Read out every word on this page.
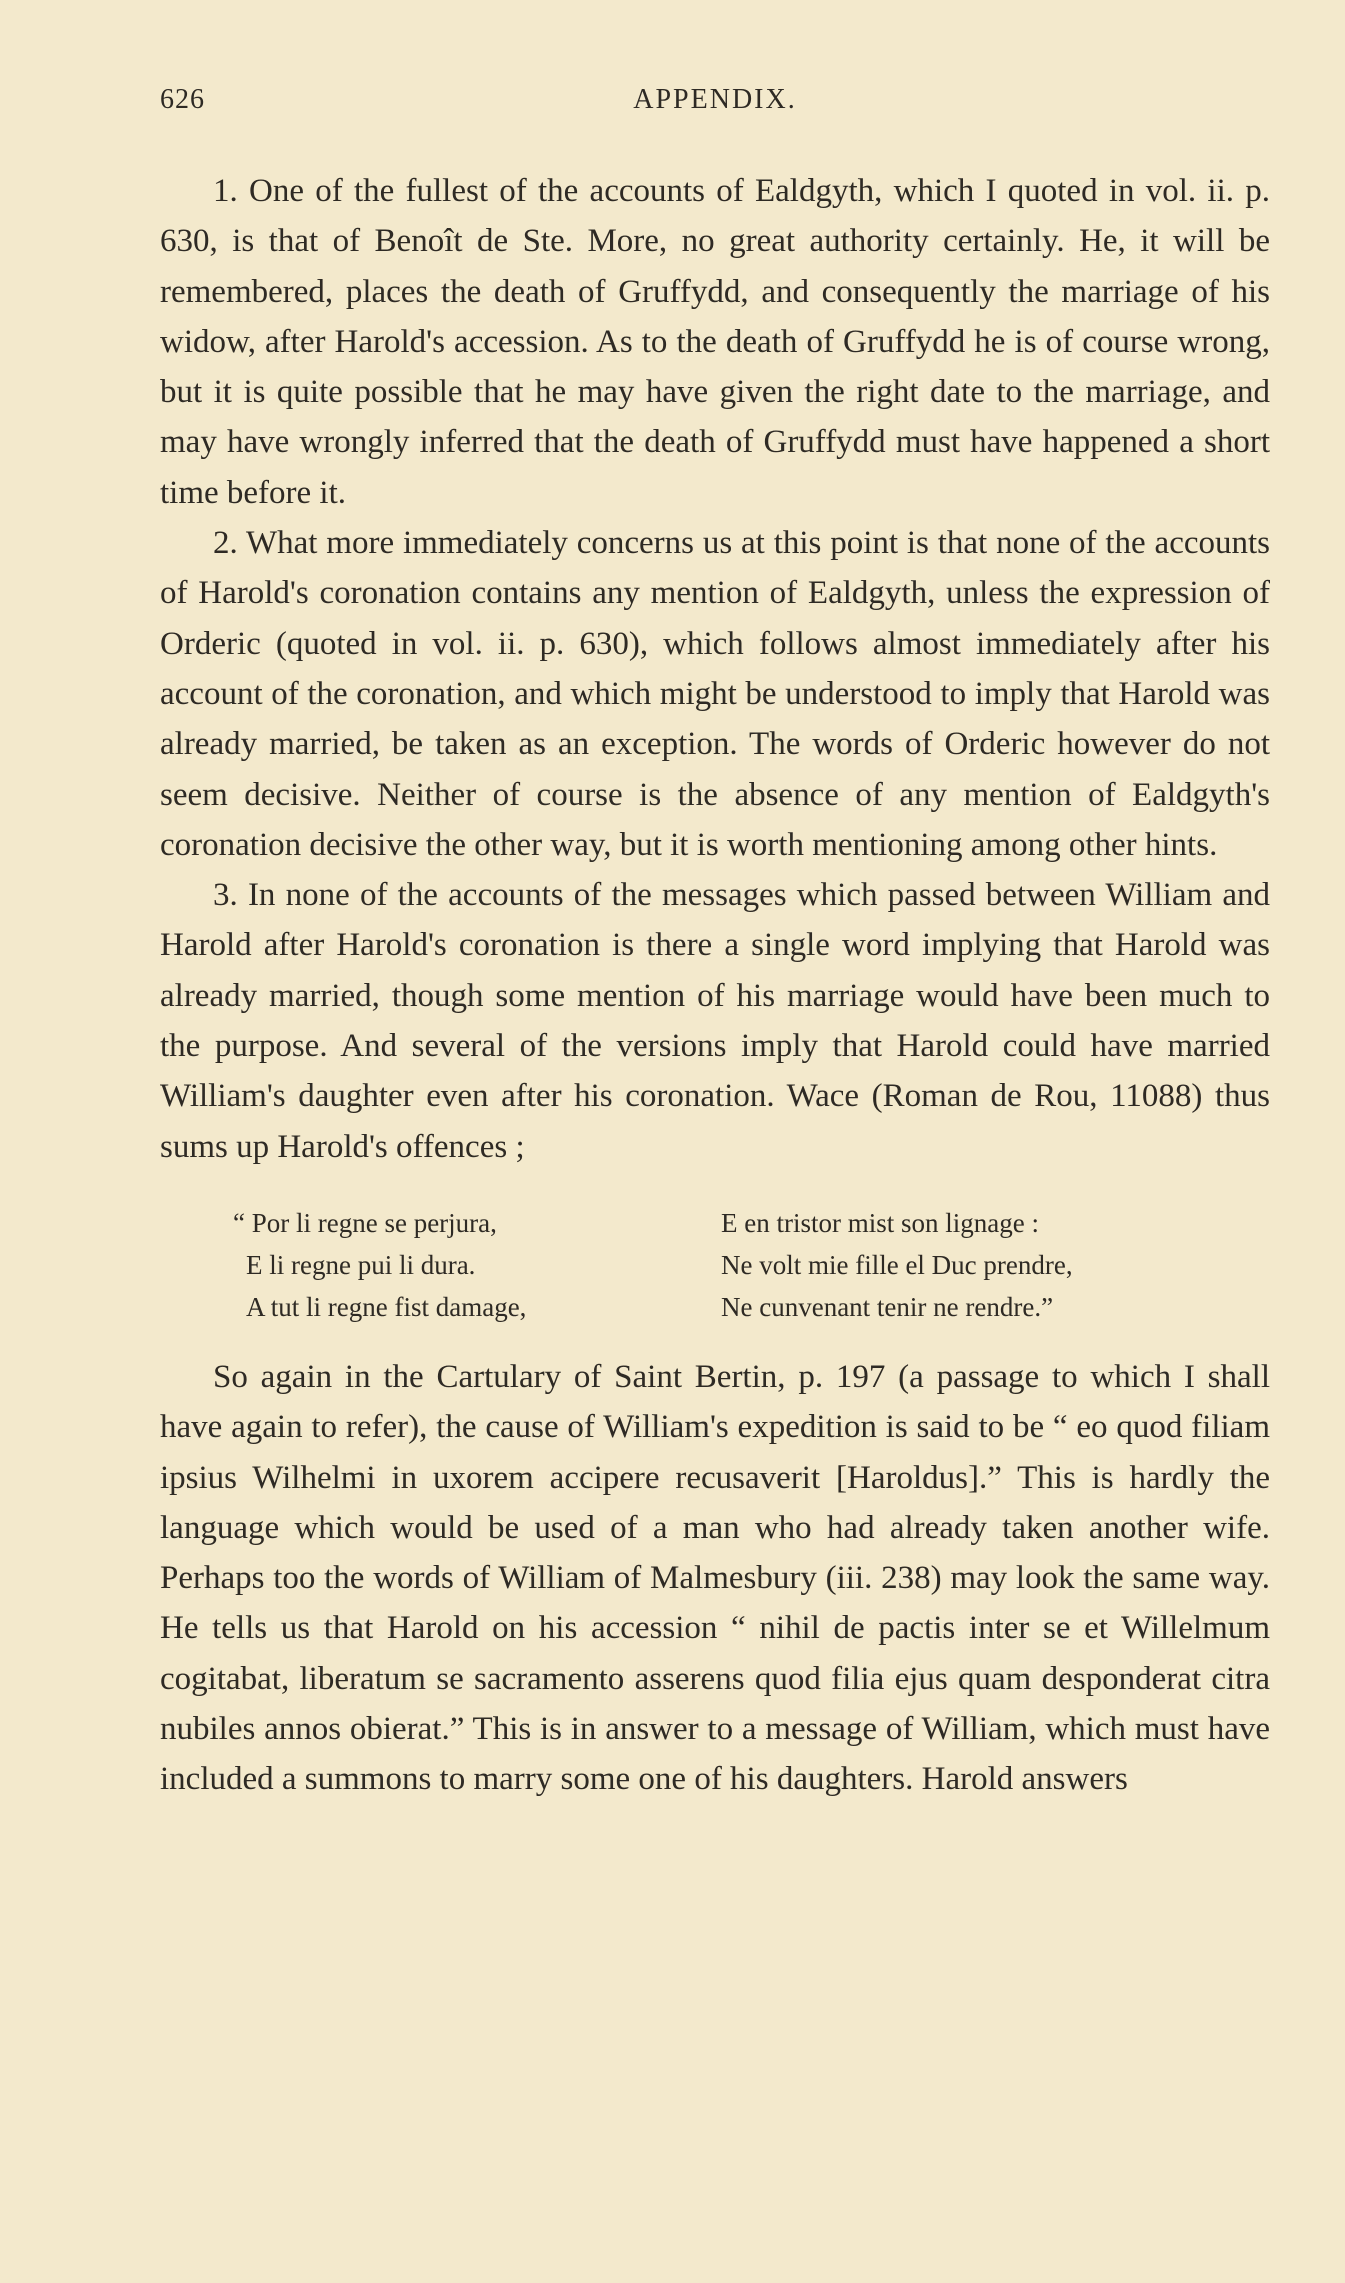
626	APPENDIX.

1. One of the fullest of the accounts of Ealdgyth, which I quoted in vol. ii. p. 630, is that of Benoît de Ste. More, no great authority certainly. He, it will be remembered, places the death of Gruffydd, and consequently the marriage of his widow, after Harold's accession. As to the death of Gruffydd he is of course wrong, but it is quite possible that he may have given the right date to the marriage, and may have wrongly inferred that the death of Gruffydd must have happened a short time before it.

2. What more immediately concerns us at this point is that none of the accounts of Harold's coronation contains any mention of Ealdgyth, unless the expression of Orderic (quoted in vol. ii. p. 630), which follows almost immediately after his account of the coronation, and which might be understood to imply that Harold was already married, be taken as an exception. The words of Orderic however do not seem decisive. Neither of course is the absence of any mention of Ealdgyth's coronation decisive the other way, but it is worth mentioning among other hints.

3. In none of the accounts of the messages which passed between William and Harold after Harold's coronation is there a single word implying that Harold was already married, though some mention of his marriage would have been much to the purpose. And several of the versions imply that Harold could have married William's daughter even after his coronation. Wace (Roman de Rou, 11088) thus sums up Harold's offences ;

“ Por li regne se perjura,
E li regne pui li dura.
A tut li regne fist damage,
E en tristor mist son lignage :
Ne volt mie fille el Duc prendre,
Ne cunvenant tenir ne rendre.”

So again in the Cartulary of Saint Bertin, p. 197 (a passage to which I shall have again to refer), the cause of William's expedition is said to be “ eo quod filiam ipsius Wilhelmi in uxorem accipere recusaverit [Haroldus].” This is hardly the language which would be used of a man who had already taken another wife. Perhaps too the words of William of Malmesbury (iii. 238) may look the same way. He tells us that Harold on his accession “ nihil de pactis inter se et Willelmum cogitabat, liberatum se sacramento asserens quod filia ejus quam desponderat citra nubiles annos obierat.” This is in answer to a message of William, which must have included a summons to marry some one of his daughters. Harold answers
